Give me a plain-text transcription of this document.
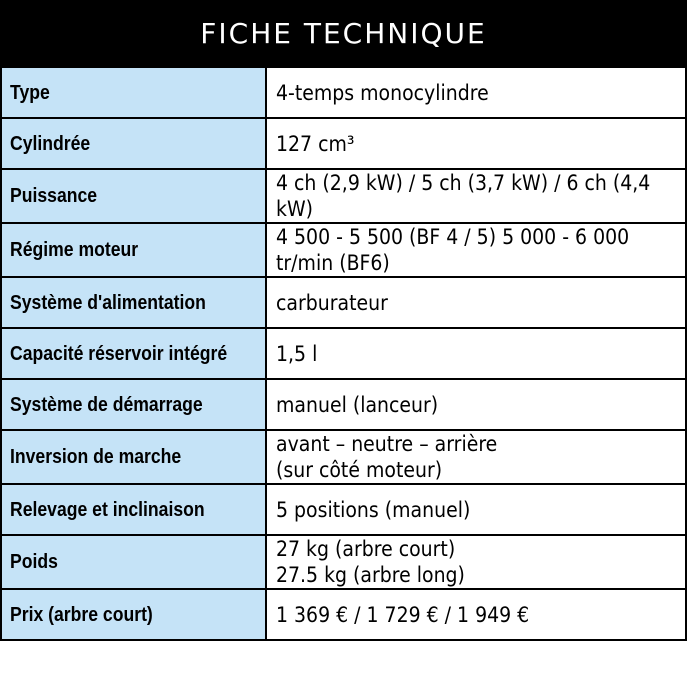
FICHE TECHNIQUE
Type	4-temps monocylindre
Cylindrée	127 cm³
Puissance	4 ch (2,9 kW) / 5 ch (3,7 kW) / 6 ch (4,4 kW)
Régime moteur	4 500 - 5 500 (BF 4 / 5) 5 000 - 6 000 tr/min (BF6)
Système d'alimentation	carburateur
Capacité réservoir intégré	1,5 l
Système de démarrage	manuel (lanceur)
Inversion de marche	avant – neutre – arrière
(sur côté moteur)
Relevage et inclinaison	5 positions (manuel)
Poids	27 kg (arbre court)
27.5 kg (arbre long)
Prix (arbre court)	1 369 € / 1 729 € / 1 949 €
